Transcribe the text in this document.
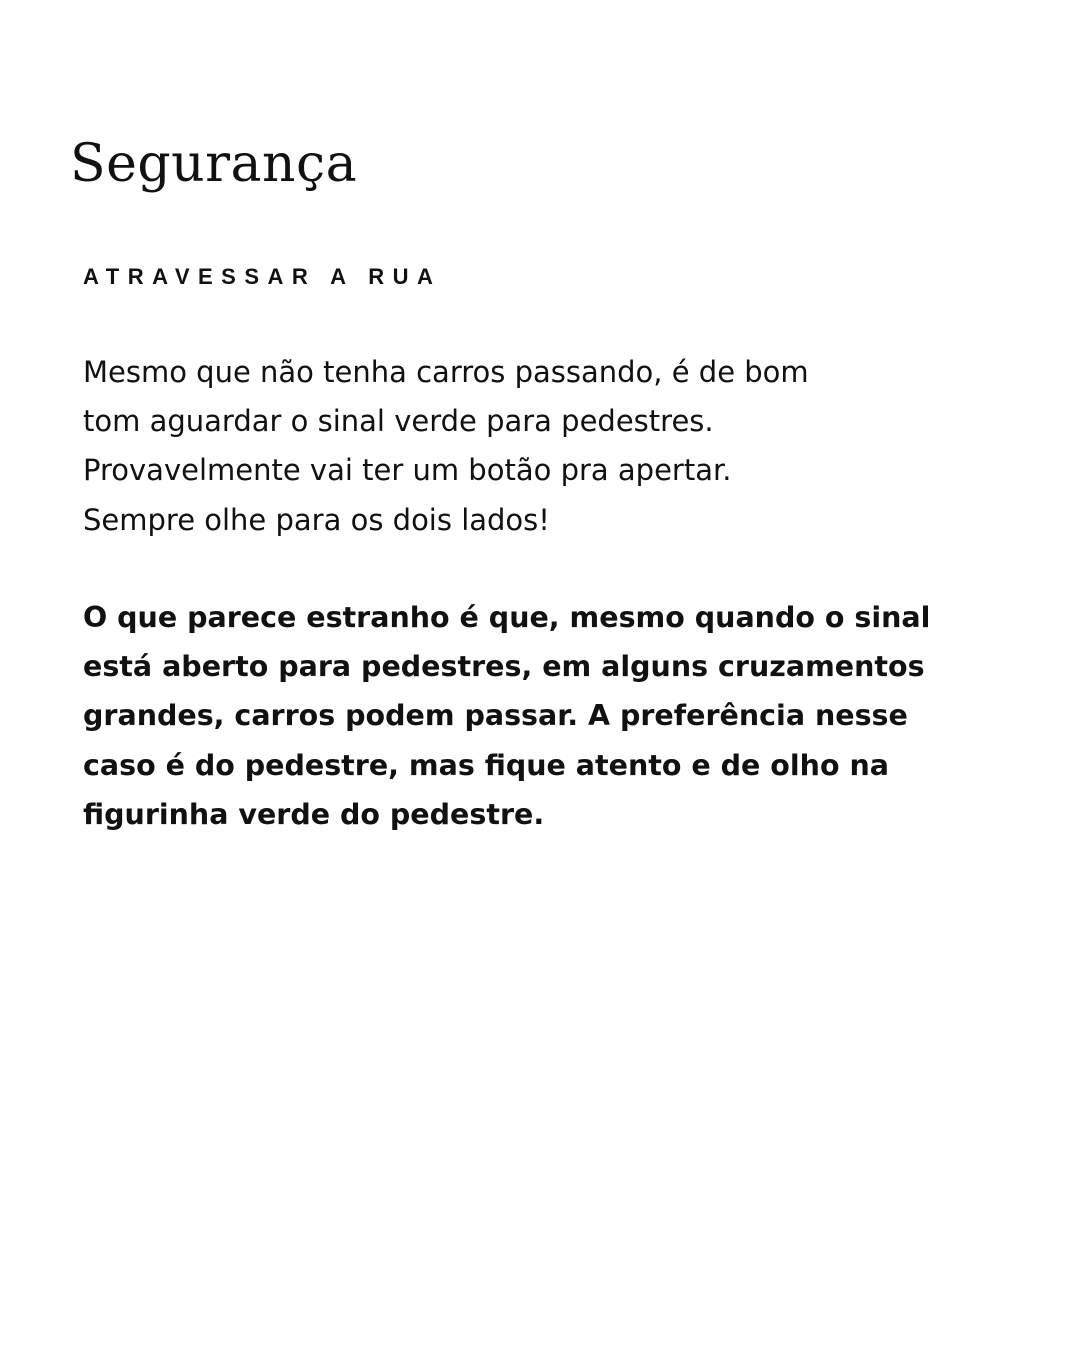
Segurança
ATRAVESSAR A RUA

Mesmo que não tenha carros passando, é de bom
tom aguardar o sinal verde para pedestres.
Provavelmente vai ter um botão pra apertar.
Sempre olhe para os dois lados!

O que parece estranho é que, mesmo quando o sinal
está aberto para pedestres, em alguns cruzamentos
grandes, carros podem passar. A preferência nesse
caso é do pedestre, mas fique atento e de olho na
figurinha verde do pedestre.
